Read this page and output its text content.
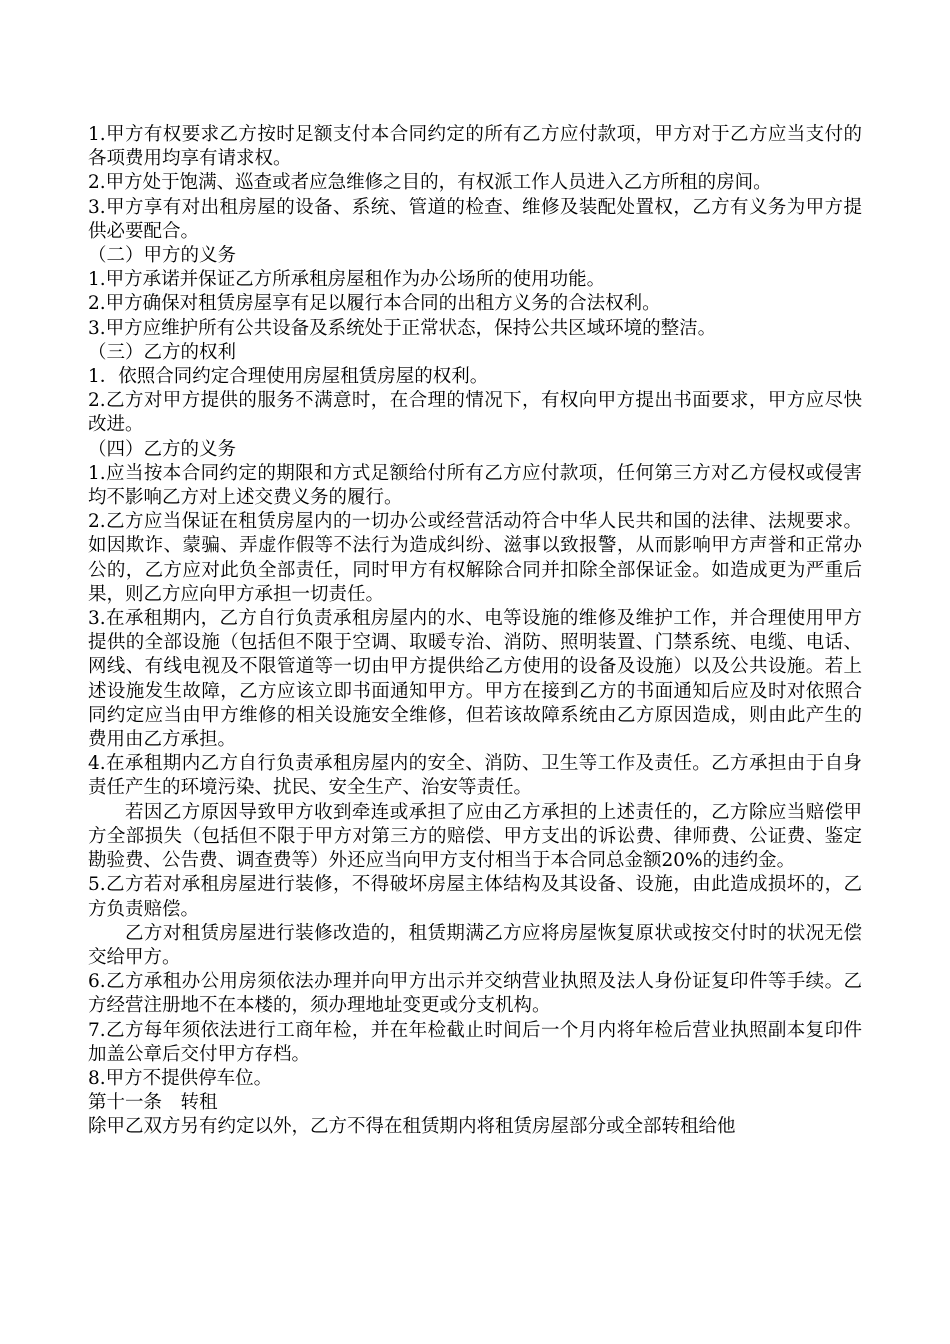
1.甲方有权要求乙方按时足额支付本合同约定的所有乙方应付款项，甲方对于乙方应当支付的各项费用均享有请求权。

2.甲方处于饱满、巡查或者应急维修之目的，有权派工作人员进入乙方所租的房间。

3.甲方享有对出租房屋的设备、系统、管道的检查、维修及装配处置权，乙方有义务为甲方提供必要配合。

（二）甲方的义务

1.甲方承诺并保证乙方所承租房屋租作为办公场所的使用功能。

2.甲方确保对租赁房屋享有足以履行本合同的出租方义务的合法权利。

3.甲方应维护所有公共设备及系统处于正常状态，保持公共区域环境的整洁。

（三）乙方的权利

1．依照合同约定合理使用房屋租赁房屋的权利。

2.乙方对甲方提供的服务不满意时，在合理的情况下，有权向甲方提出书面要求，甲方应尽快改进。

（四）乙方的义务

1.应当按本合同约定的期限和方式足额给付所有乙方应付款项，任何第三方对乙方侵权或侵害均不影响乙方对上述交费义务的履行。

2.乙方应当保证在租赁房屋内的一切办公或经营活动符合中华人民共和国的法律、法规要求。如因欺诈、蒙骗、弄虚作假等不法行为造成纠纷、滋事以致报警，从而影响甲方声誉和正常办公的，乙方应对此负全部责任，同时甲方有权解除合同并扣除全部保证金。如造成更为严重后果，则乙方应向甲方承担一切责任。

3.在承租期内，乙方自行负责承租房屋内的水、电等设施的维修及维护工作，并合理使用甲方提供的全部设施（包括但不限于空调、取暖专治、消防、照明装置、门禁系统、电缆、电话、网线、有线电视及不限管道等一切由甲方提供给乙方使用的设备及设施）以及公共设施。若上述设施发生故障，乙方应该立即书面通知甲方。甲方在接到乙方的书面通知后应及时对依照合同约定应当由甲方维修的相关设施安全维修，但若该故障系统由乙方原因造成，则由此产生的费用由乙方承担。

4.在承租期内乙方自行负责承租房屋内的安全、消防、卫生等工作及责任。乙方承担由于自身责任产生的环境污染、扰民、安全生产、治安等责任。

若因乙方原因导致甲方收到牵连或承担了应由乙方承担的上述责任的，乙方除应当赔偿甲方全部损失（包括但不限于甲方对第三方的赔偿、甲方支出的诉讼费、律师费、公证费、鉴定勘验费、公告费、调查费等）外还应当向甲方支付相当于本合同总金额20%的违约金。

5.乙方若对承租房屋进行装修，不得破坏房屋主体结构及其设备、设施，由此造成损坏的，乙方负责赔偿。

乙方对租赁房屋进行装修改造的，租赁期满乙方应将房屋恢复原状或按交付时的状况无偿交给甲方。

6.乙方承租办公用房须依法办理并向甲方出示并交纳营业执照及法人身份证复印件等手续。乙方经营注册地不在本楼的，须办理地址变更或分支机构。

7.乙方每年须依法进行工商年检，并在年检截止时间后一个月内将年检后营业执照副本复印件加盖公章后交付甲方存档。

8.甲方不提供停车位。

第十一条　转租

除甲乙双方另有约定以外，乙方不得在租赁期内将租赁房屋部分或全部转租给他
